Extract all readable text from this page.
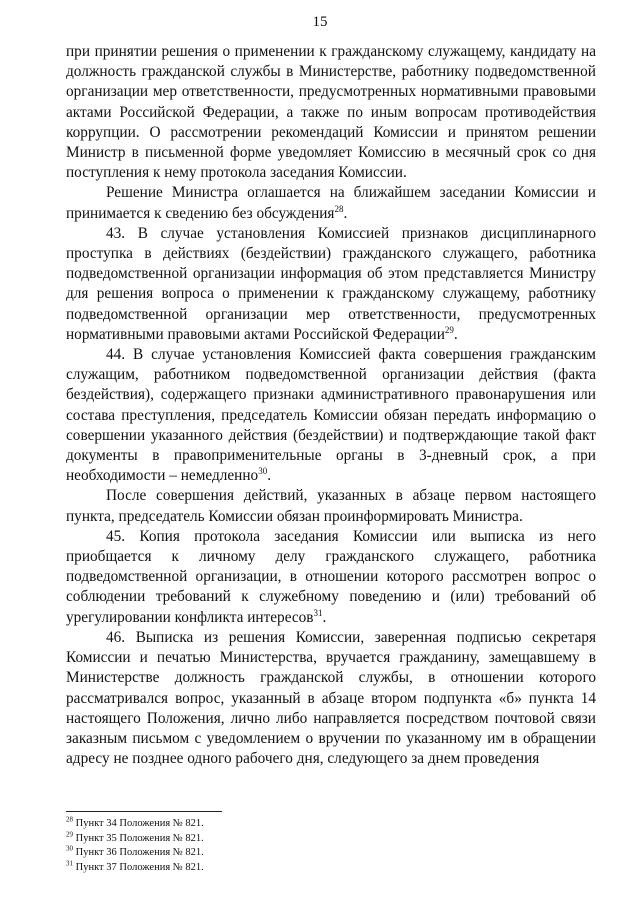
15

при принятии решения о применении к гражданскому служащему, кандидату на должность гражданской службы в Министерстве, работнику подведомственной организации мер ответственности, предусмотренных нормативными правовыми актами Российской Федерации, а также по иным вопросам противодействия коррупции. О рассмотрении рекомендаций Комиссии и принятом решении Министр в письменной форме уведомляет Комиссию в месячный срок со дня поступления к нему протокола заседания Комиссии.

Решение Министра оглашается на ближайшем заседании Комиссии и принимается к сведению без обсуждения$^{28}$.

43. В случае установления Комиссией признаков дисциплинарного проступка в действиях (бездействии) гражданского служащего, работника подведомственной организации информация об этом представляется Министру для решения вопроса о применении к гражданскому служащему, работнику подведомственной организации мер ответственности, предусмотренных нормативными правовыми актами Российской Федерации$^{29}$.

44. В случае установления Комиссией факта совершения гражданским служащим, работником подведомственной организации действия (факта бездействия), содержащего признаки административного правонарушения или состава преступления, председатель Комиссии обязан передать информацию о совершении указанного действия (бездействии) и подтверждающие такой факт документы в правоприменительные органы в 3-дневный срок, а при необходимости – немедленно$^{30}$.

После совершения действий, указанных в абзаце первом настоящего пункта, председатель Комиссии обязан проинформировать Министра.

45. Копия протокола заседания Комиссии или выписка из него приобщается к личному делу гражданского служащего, работника подведомственной организации, в отношении которого рассмотрен вопрос о соблюдении требований к служебному поведению и (или) требований об урегулировании конфликта интересов$^{31}$.

46. Выписка из решения Комиссии, заверенная подписью секретаря Комиссии и печатью Министерства, вручается гражданину, замещавшему в Министерстве должность гражданской службы, в отношении которого рассматривался вопрос, указанный в абзаце втором подпункта «б» пункта 14 настоящего Положения, лично либо направляется посредством почтовой связи заказным письмом с уведомлением о вручении по указанному им в обращении адресу не позднее одного рабочего дня, следующего за днем проведения

$^{28}$ Пункт 34 Положения № 821.
$^{29}$ Пункт 35 Положения № 821.
$^{30}$ Пункт 36 Положения № 821.
$^{31}$ Пункт 37 Положения № 821.
